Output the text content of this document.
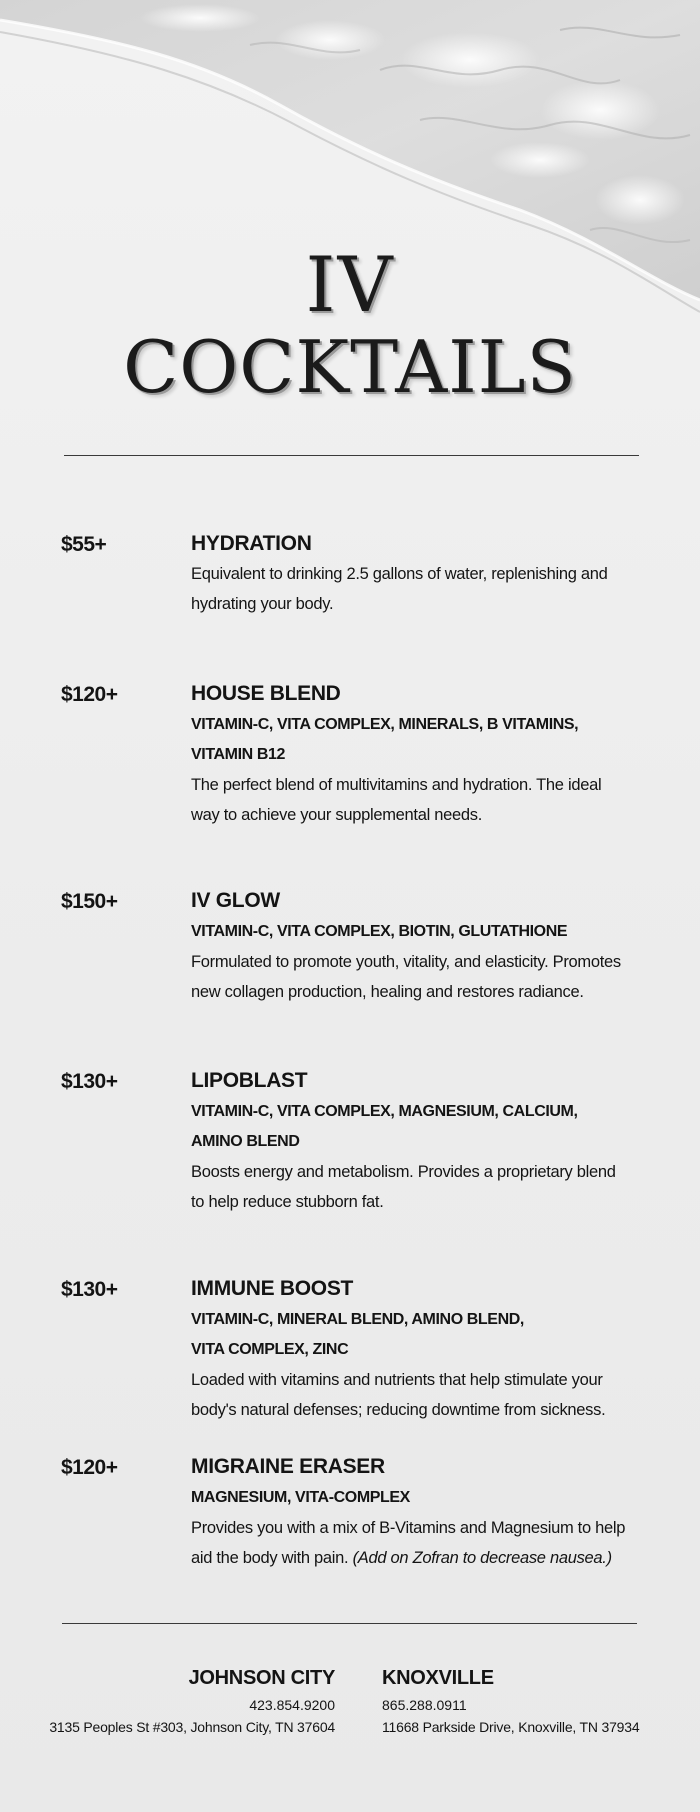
IV
COCKTAILS
$55+	HYDRATION
Equivalent to drinking 2.5 gallons of water, replenishing and
hydrating your body.
$120+	HOUSE BLEND
VITAMIN-C, VITA COMPLEX, MINERALS, B VITAMINS,
VITAMIN B12
The perfect blend of multivitamins and hydration. The ideal
way to achieve your supplemental needs.
$150+	IV GLOW
VITAMIN-C, VITA COMPLEX, BIOTIN, GLUTATHIONE
Formulated to promote youth, vitality, and elasticity. Promotes
new collagen production, healing and restores radiance.
$130+	LIPOBLAST
VITAMIN-C, VITA COMPLEX, MAGNESIUM, CALCIUM,
AMINO BLEND
Boosts energy and metabolism. Provides a proprietary blend
to help reduce stubborn fat.
$130+	IMMUNE BOOST
VITAMIN-C, MINERAL BLEND, AMINO BLEND,
VITA COMPLEX, ZINC
Loaded with vitamins and nutrients that help stimulate your
body's natural defenses; reducing downtime from sickness.
$120+	MIGRAINE ERASER
MAGNESIUM, VITA-COMPLEX
Provides you with a mix of B-Vitamins and Magnesium to help
aid the body with pain. (Add on Zofran to decrease nausea.)
JOHNSON CITY
423.854.9200
3135 Peoples St #303, Johnson City, TN 37604
KNOXVILLE
865.288.0911
11668 Parkside Drive, Knoxville, TN 37934
